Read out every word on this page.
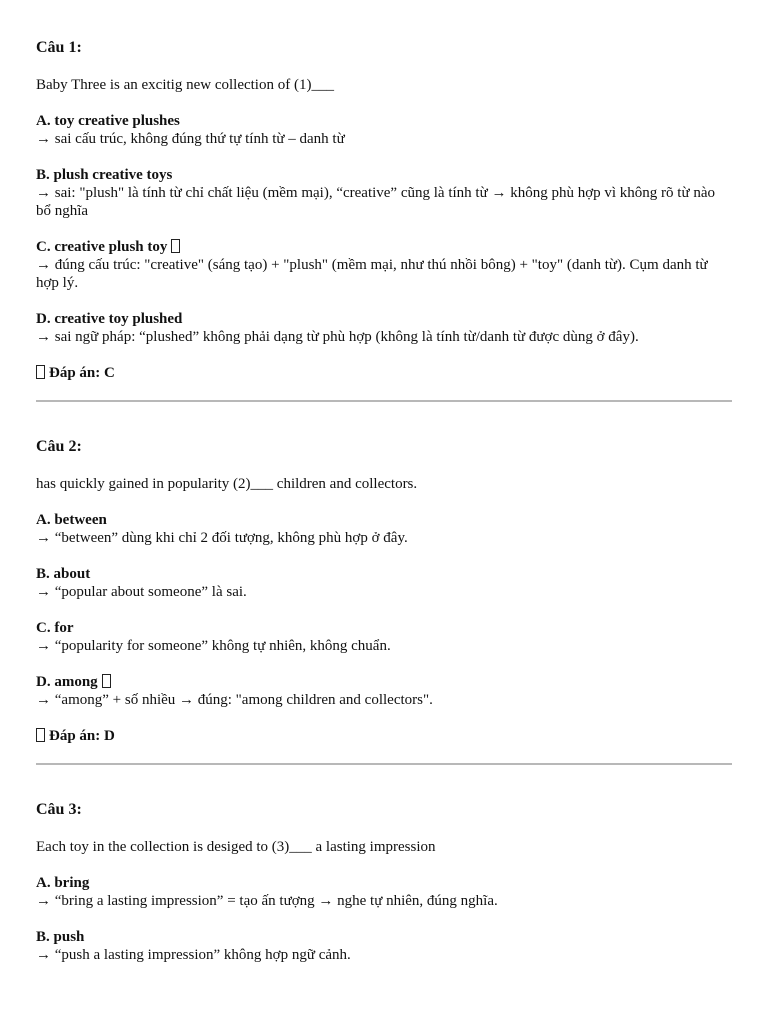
Câu 1:
Baby Three is an excitig new collection of (1)___
A. toy creative plushes
→ sai cấu trúc, không đúng thứ tự tính từ – danh từ
B. plush creative toys
→ sai: "plush" là tính từ chỉ chất liệu (mềm mại), “creative” cũng là tính từ → không phù hợp vì không rõ từ nào bổ nghĩa
C. creative plush toy
→ đúng cấu trúc: "creative" (sáng tạo) + "plush" (mềm mại, như thú nhồi bông) + "toy" (danh từ). Cụm danh từ hợp lý.
D. creative toy plushed
→ sai ngữ pháp: “plushed” không phải dạng từ phù hợp (không là tính từ/danh từ được dùng ở đây).
Đáp án: C
Câu 2:
has quickly gained in popularity (2)___ children and collectors.
A. between
→ “between” dùng khi chỉ 2 đối tượng, không phù hợp ở đây.
B. about
→ “popular about someone” là sai.
C. for
→ “popularity for someone” không tự nhiên, không chuẩn.
D. among
→ “among” + số nhiều → đúng: "among children and collectors".
Đáp án: D
Câu 3:
Each toy in the collection is desiged to (3)___ a lasting impression
A. bring
→ “bring a lasting impression” = tạo ấn tượng → nghe tự nhiên, đúng nghĩa.
B. push
→ “push a lasting impression” không hợp ngữ cảnh.
